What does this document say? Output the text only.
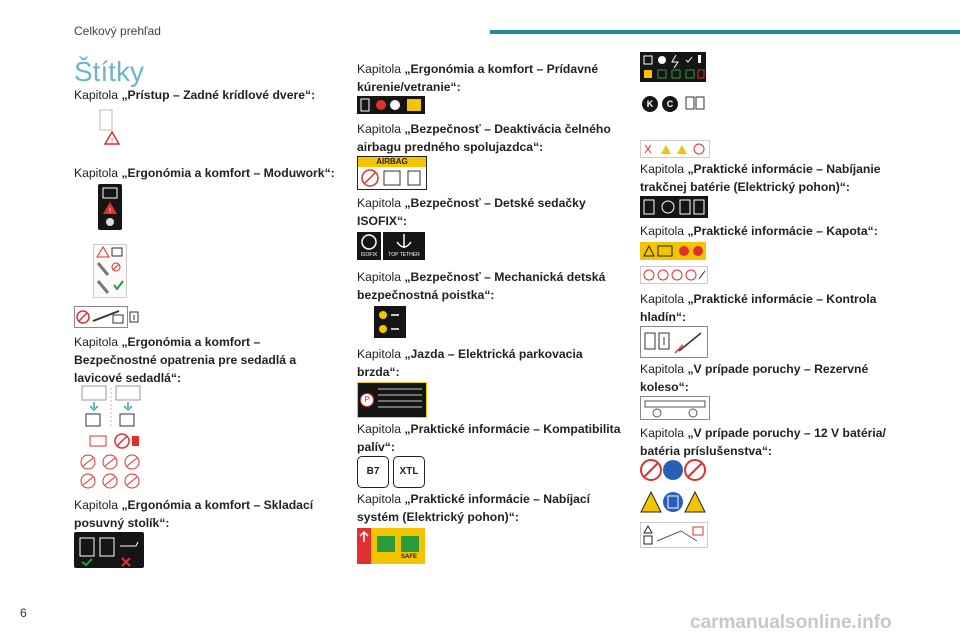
Celkový prehľad
Štítky
Kapitola „Prístup – Zadné krídlové dvere“:
Kapitola „Ergonómia a komfort – Moduwork“:
Kapitola „Ergonómia a komfort – Bezpečnostné opatrenia pre sedadlá a lavicové sedadlá“:
Kapitola „Ergonómia a komfort – Skladací posuvný stolík“:
Kapitola „Ergonómia a komfort – Prídavné kúrenie/vetranie“:
Kapitola „Bezpečnosť – Deaktivácia čelného airbagu predného spolujazdca“:
Kapitola „Bezpečnosť – Detské sedačky ISOFIX“:
Kapitola „Bezpečnosť – Mechanická detská bezpečnostná poistka“:
Kapitola „Jazda – Elektrická parkovacia brzda“:
Kapitola „Praktické informácie – Kompatibilita palív“:
Kapitola „Praktické informácie – Nabíjací systém (Elektrický pohon)“:
Kapitola „Praktické informácie – Nabíjanie trakčnej batérie (Elektrický pohon)“:
Kapitola „Praktické informácie – Kapota“:
Kapitola „Praktické informácie – Kontrola hladín“:
Kapitola „V prípade poruchy – Rezervné koleso“:
Kapitola „V prípade poruchy – 12 V batéria/ batéria príslušenstva“:
!
!
AIRBAG
ISOFIX	TOP TETHER
P
B7	XTL
SAFE
K	C
6	carmanualsonline.info
